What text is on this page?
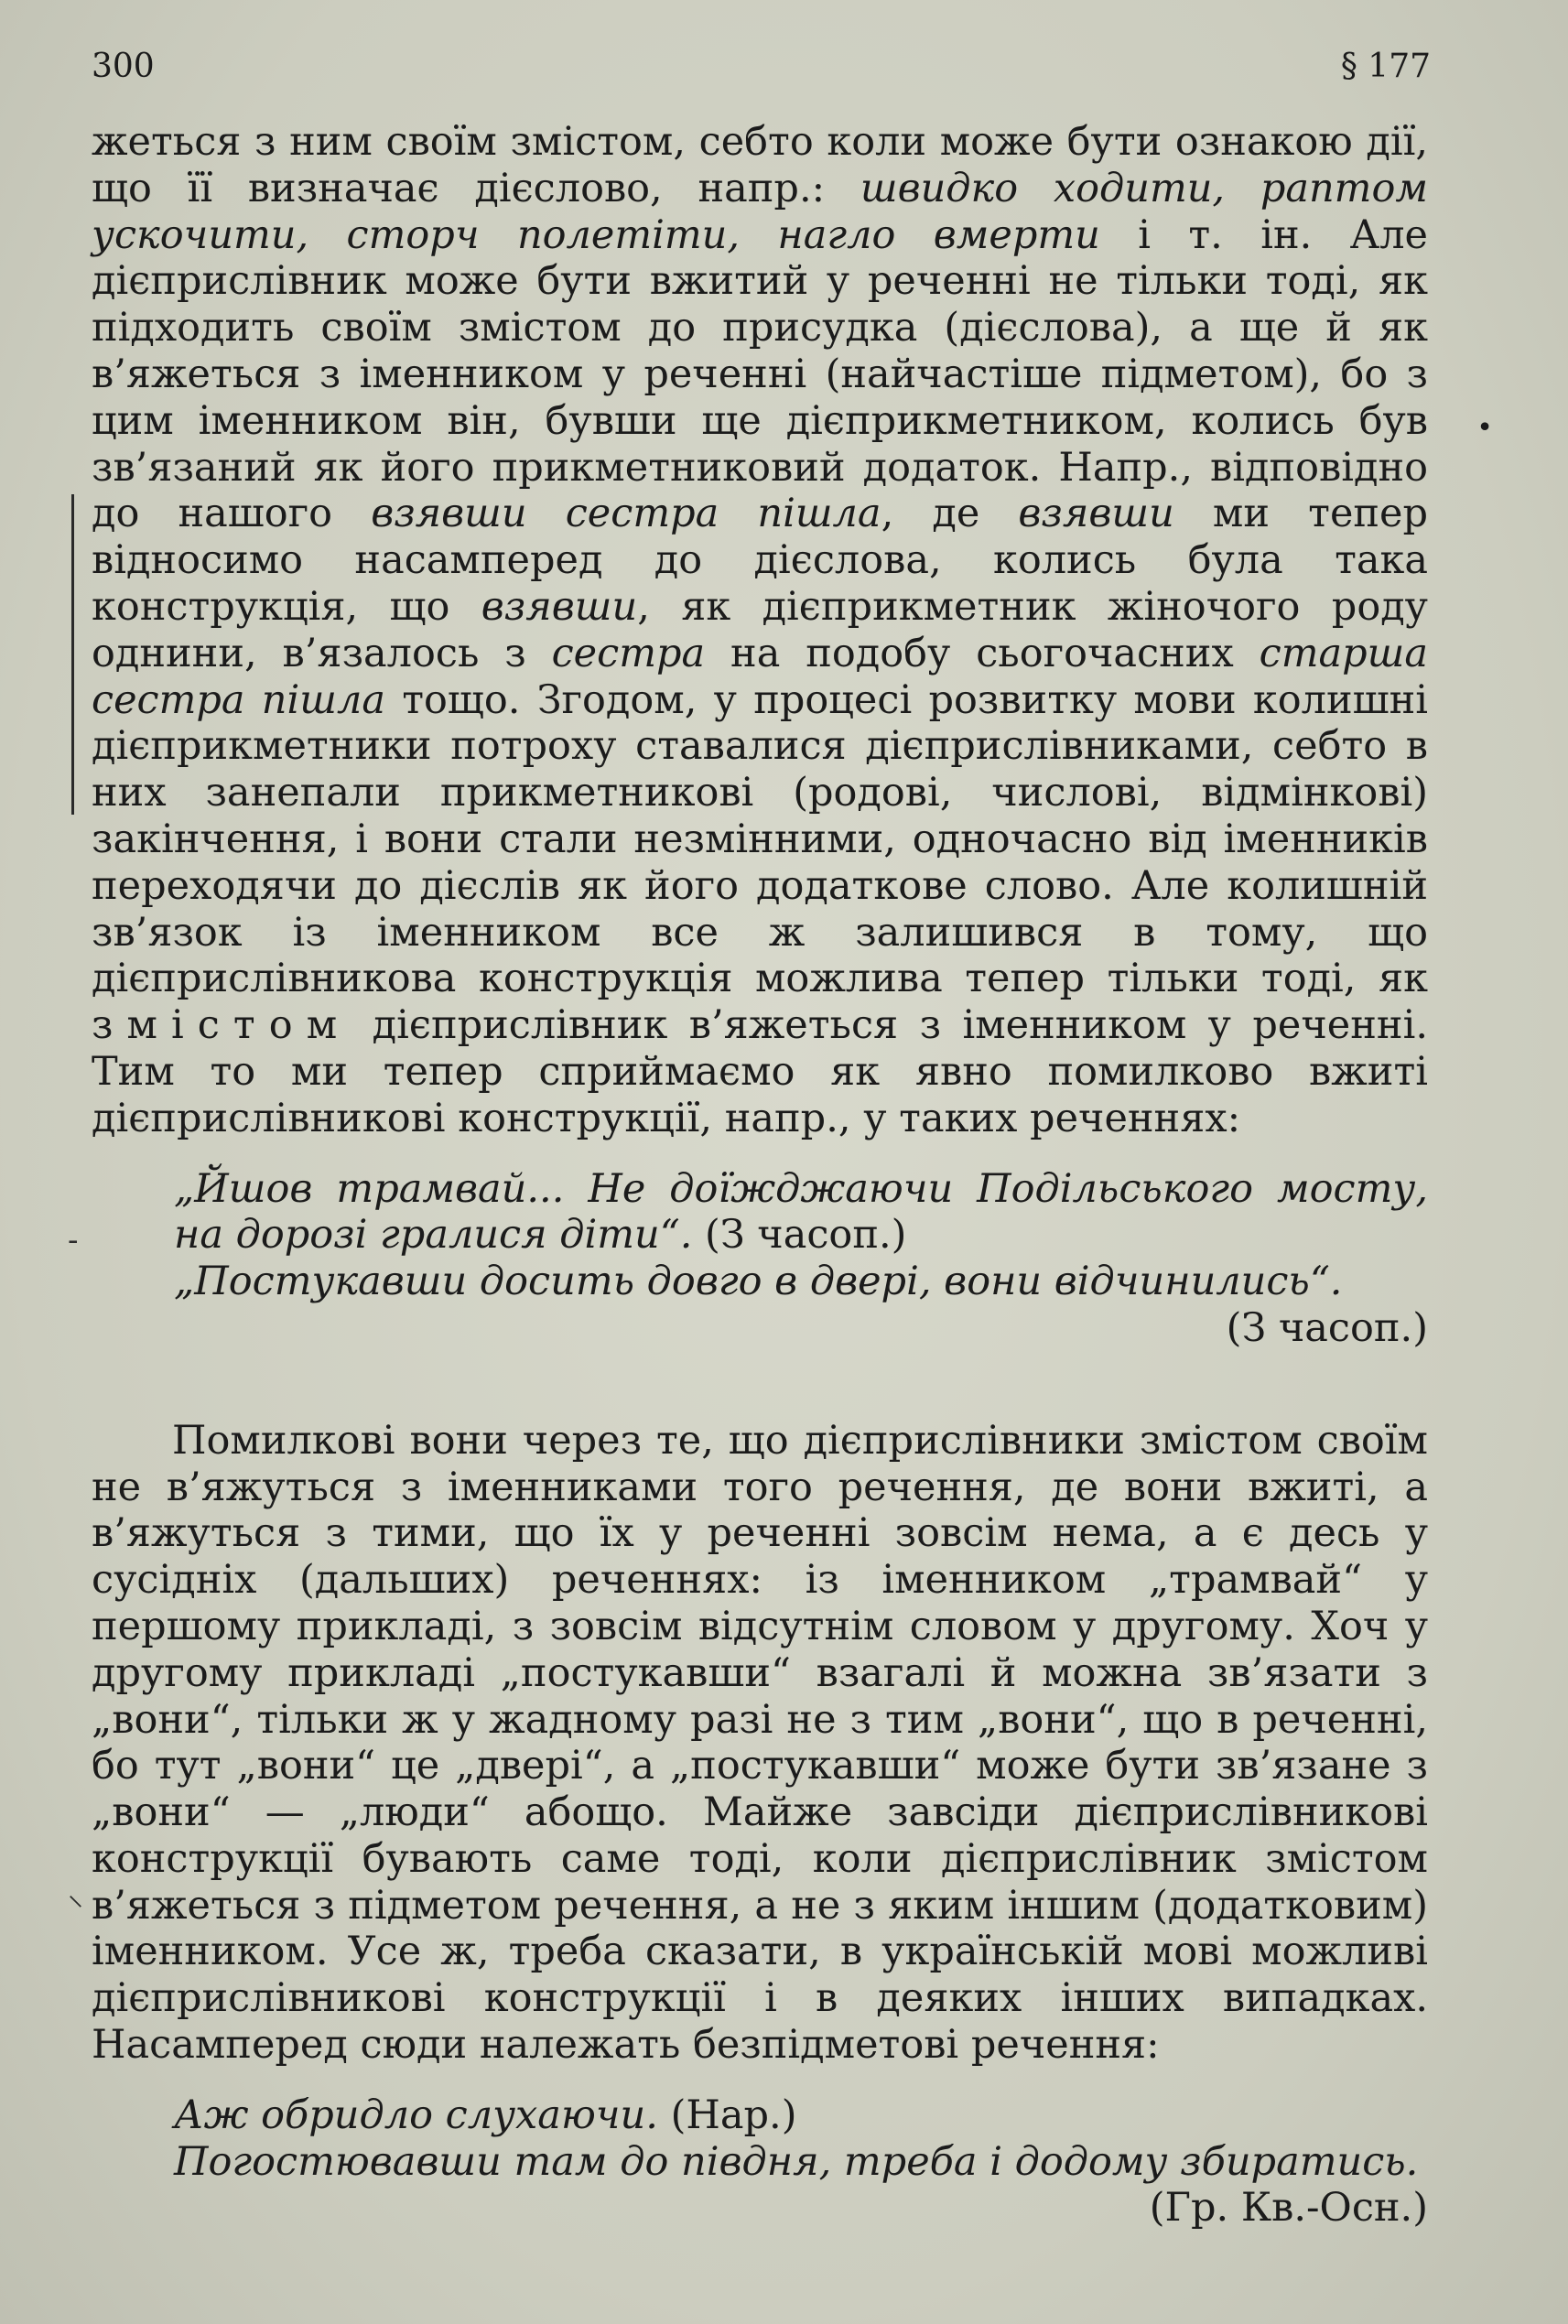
300	§ 177
•
‐
⸜

жеться з ним своїм змістом, себто коли може бути ознакою дії, що її визначає дієслово, напр.: швидко ходити, раптом ускочити, сторч полетіти, нагло вмерти і т. ін. Але дієприслівник може бути вжитий у реченні не тільки тоді, як підходить своїм змістом до присудка (дієслова), а ще й як в’яжеться з іменником у реченні (найчастіше підметом), бо з цим іменником він, бувши ще дієприкметником, колись був зв’язаний як його прикметниковий додаток. Напр., відповідно до нашого взявши сестра пішла, де взявши ми тепер відносимо насамперед до дієслова, колись була така конструкція, що взявши, як дієприкметник жіночого роду однини, в’язалось з сестра на подобу сьогочасних старша сестра пішла тощо. Згодом, у процесі розвитку мови колишні дієприкметники потроху ставалися дієприслівниками, себто в них занепали прикметникові (родові, числові, відмінкові) закінчення, і вони стали незмінними, одночасно від іменників переходячи до дієслів як його додаткове слово. Але колишній зв’язок із іменником все ж залишився в тому, що дієприслівникова конструкція можлива тепер тільки тоді, як змістом дієприслівник в’яжеться з іменником у реченні. Тим то ми тепер сприймаємо як явно помилково вжиті дієприслівникові конструкції, напр., у таких реченнях:

„Йшов трамвай... Не доїжджаючи Подільського мосту, на дорозі гралися діти“. (З часоп.)
„Постукавши досить довго в двері, вони відчинились“.
(З часоп.)

Помилкові вони через те, що дієприслівники змістом своїм не в’яжуться з іменниками того речення, де вони вжиті, а в’яжуться з тими, що їх у реченні зовсім нема, а є десь у сусідніх (дальших) реченнях: із іменником „трамвай“ у першому прикладі, з зовсім відсутнім словом у другому. Хоч у другому прикладі „постукавши“ взагалі й можна зв’язати з „вони“, тільки ж у жадному разі не з тим „вони“, що в реченні, бо тут „вони“ це „двері“, а „постукавши“ може бути зв’язане з „вони“ — „люди“ абощо. Майже завсіди дієприслівникові конструкції бувають саме тоді, коли дієприслівник змістом в’яжеться з підметом речення, а не з яким іншим (додатковим) іменником. Усе ж, треба сказати, в українській мові можливі дієприслівникові конструкції і в деяких інших випадках. Насамперед сюди належать безпідметові речення:

Аж обридло слухаючи. (Нар.)
Погостювавши там до півдня, треба і додому збиратись.
(Гр. Кв.-Осн.)
